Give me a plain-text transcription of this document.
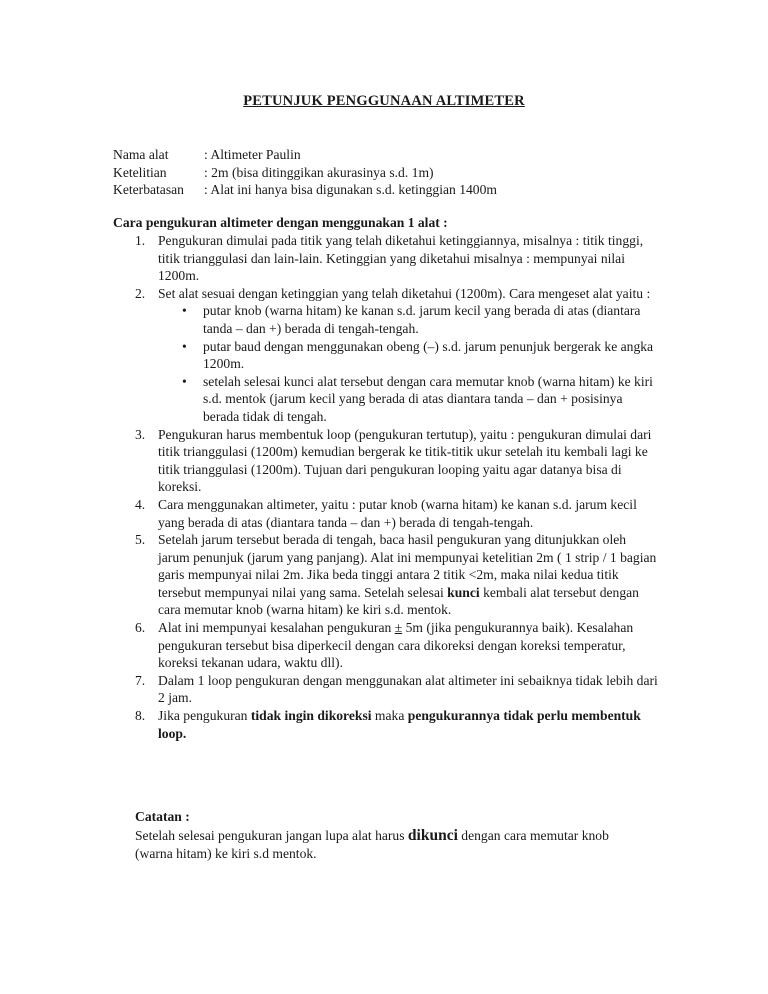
PETUNJUK PENGGUNAAN ALTIMETER
Nama alat	: Altimeter Paulin
Ketelitian	: 2m (bisa ditinggikan akurasinya s.d. 1m)
Keterbatasan	: Alat ini hanya bisa digunakan s.d. ketinggian 1400m
Cara pengukuran altimeter dengan menggunakan 1 alat :
1. Pengukuran dimulai pada titik yang telah diketahui ketinggiannya, misalnya : titik tinggi, titik trianggulasi dan lain-lain. Ketinggian yang diketahui misalnya : mempunyai nilai 1200m.
2. Set alat sesuai dengan ketinggian yang telah diketahui (1200m). Cara mengeset alat yaitu :
• putar knob (warna hitam) ke kanan s.d. jarum kecil yang berada di atas (diantara tanda – dan +) berada di tengah-tengah.
• putar baud dengan menggunakan obeng (–) s.d. jarum penunjuk bergerak ke angka 1200m.
• setelah selesai kunci alat tersebut dengan cara memutar knob (warna hitam) ke kiri s.d. mentok (jarum kecil yang berada di atas diantara tanda – dan + posisinya berada tidak di tengah.
3. Pengukuran harus membentuk loop (pengukuran tertutup), yaitu : pengukuran dimulai dari titik trianggulasi (1200m) kemudian bergerak ke titik-titik ukur setelah itu kembali lagi ke titik trianggulasi (1200m). Tujuan dari pengukuran looping yaitu agar datanya bisa di koreksi.
4. Cara menggunakan altimeter, yaitu : putar knob (warna hitam) ke kanan s.d. jarum kecil yang berada di atas (diantara tanda – dan +) berada di tengah-tengah.
5. Setelah jarum tersebut berada di tengah, baca hasil pengukuran yang ditunjukkan oleh jarum penunjuk (jarum yang panjang). Alat ini mempunyai ketelitian 2m ( 1 strip / 1 bagian garis mempunyai nilai 2m. Jika beda tinggi antara 2 titik <2m, maka nilai kedua titik tersebut mempunyai nilai yang sama. Setelah selesai kunci kembali alat tersebut dengan cara memutar knob (warna hitam) ke kiri s.d. mentok.
6. Alat ini mempunyai kesalahan pengukuran ± 5m (jika pengukurannya baik). Kesalahan pengukuran tersebut bisa diperkecil dengan cara dikoreksi dengan koreksi temperatur, koreksi tekanan udara, waktu dll).
7. Dalam 1 loop pengukuran dengan menggunakan alat altimeter ini sebaiknya tidak lebih dari 2 jam.
8. Jika pengukuran tidak ingin dikoreksi maka pengukurannya tidak perlu membentuk loop.
Catatan :
Setelah selesai pengukuran jangan lupa alat harus dikunci dengan cara memutar knob (warna hitam) ke kiri s.d mentok.
